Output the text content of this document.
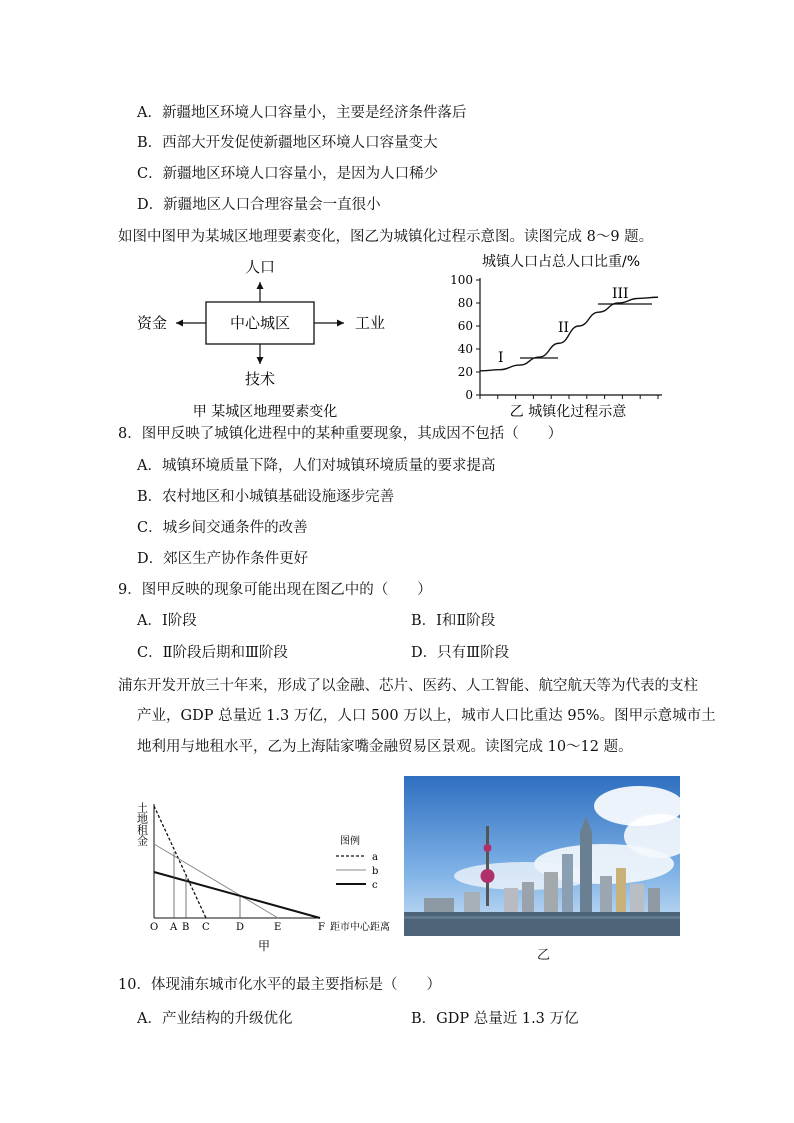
A．新疆地区环境人口容量小，主要是经济条件落后
B．西部大开发促使新疆地区环境人口容量变大
C．新疆地区环境人口容量小，是因为人口稀少
D．新疆地区人口合理容量会一直很小
如图中图甲为某城区地理要素变化，图乙为城镇化过程示意图。读图完成 8～9 题。
中心城区
人口
资金	工业
技术
甲 某城区地理要素变化
城镇人口占总人口比重/%
0
20
40
60
80
100
I
II
III
乙 城镇化过程示意
8．图甲反映了城镇化进程中的某种重要现象，其成因不包括（　　）
A．城镇环境质量下降，人们对城镇环境质量的要求提高
B．农村地区和小城镇基础设施逐步完善
C．城乡间交通条件的改善
D．郊区生产协作条件更好
9．图甲反映的现象可能出现在图乙中的（　　）
A．Ⅰ阶段	B．Ⅰ和Ⅱ阶段
C．Ⅱ阶段后期和Ⅲ阶段	D．只有Ⅲ阶段
浦东开发开放三十年来，形成了以金融、芯片、医药、人工智能、航空航天等为代表的支柱
产业，GDP 总量近 1.3 万亿，人口 500 万以上，城市人口比重达 95%。图甲示意城市土
地利用与地租水平，乙为上海陆家嘴金融贸易区景观。读图完成 10～12 题。
土地租金
O A B C	D	E	F 距市中心距离
图例
a
b
c
甲
乙
10．体现浦东城市化水平的最主要指标是（　　）
A．产业结构的升级优化	B．GDP 总量近 1.3 万亿
